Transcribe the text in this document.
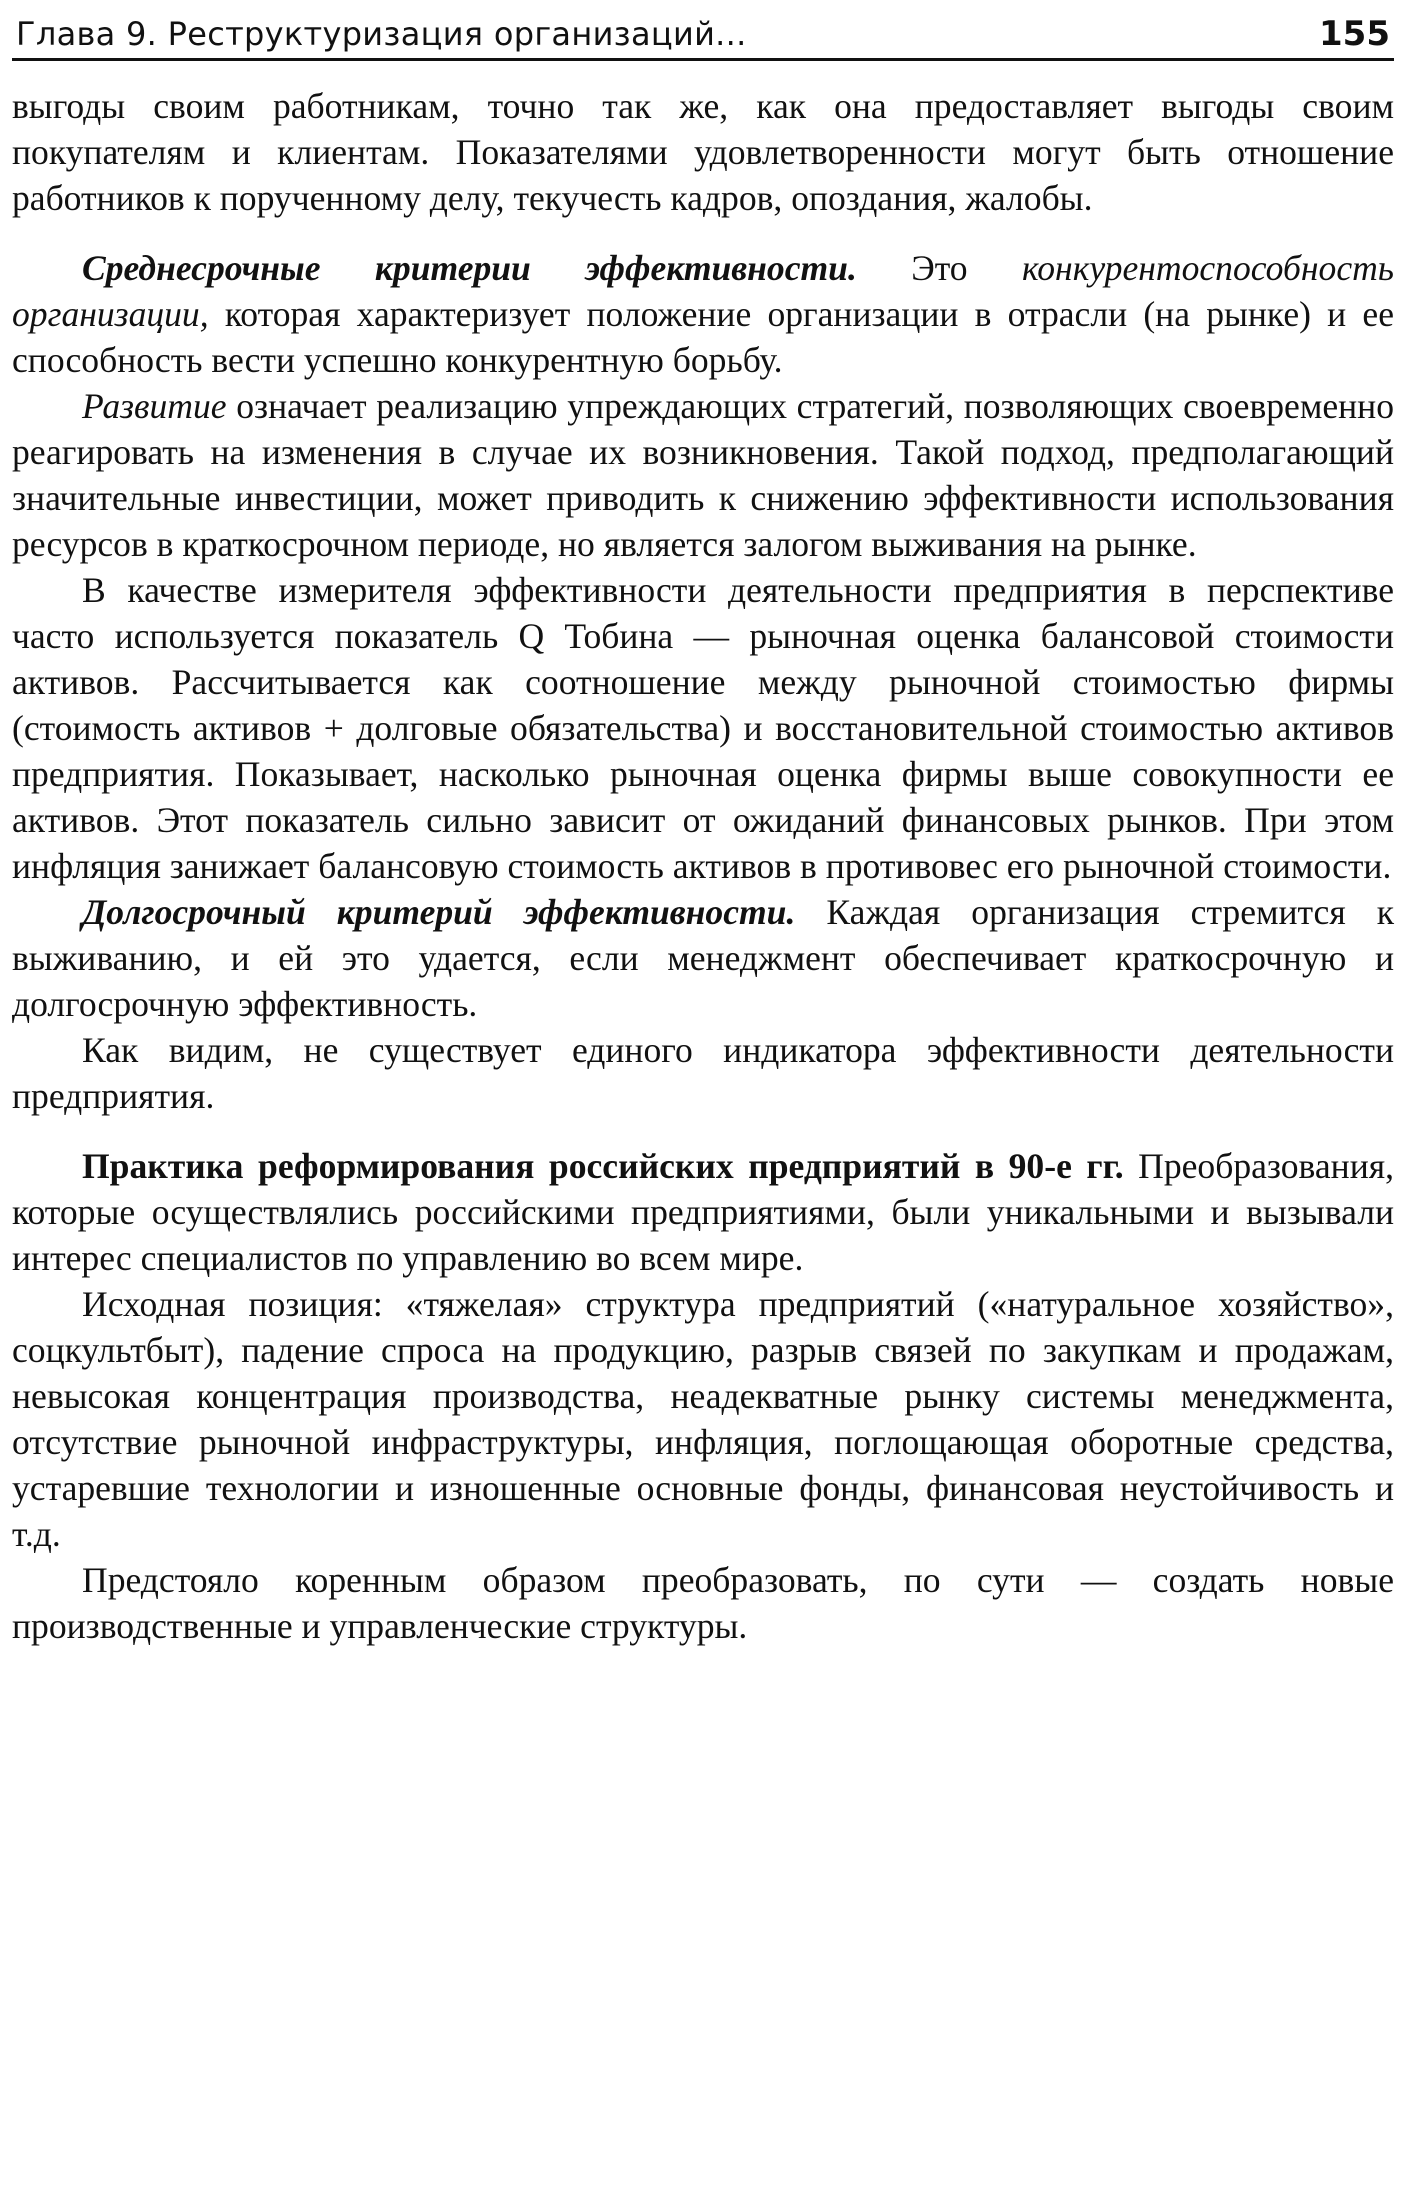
Глава 9. Реструктуризация организаций...	155

выгоды своим работникам, точно так же, как она предоставляет выгоды своим покупателям и клиентам. Показателями удовлетворенности могут быть отношение работников к порученному делу, текучесть кадров, опоздания, жалобы.

Среднесрочные критерии эффективности. Это конкурентоспособность организации, которая характеризует положение организации в отрасли (на рынке) и ее способность вести успешно конкурентную борьбу.

Развитие означает реализацию упреждающих стратегий, позволяющих своевременно реагировать на изменения в случае их возникновения. Такой подход, предполагающий значительные инвестиции, может приводить к снижению эффективности использования ресурсов в краткосрочном периоде, но является залогом выживания на рынке.

В качестве измерителя эффективности деятельности предприятия в перспективе часто используется показатель Q Тобина — рыночная оценка балансовой стоимости активов. Рассчитывается как соотношение между рыночной стоимостью фирмы (стоимость активов + долговые обязательства) и восстановительной стоимостью активов предприятия. Показывает, насколько рыночная оценка фирмы выше совокупности ее активов. Этот показатель сильно зависит от ожиданий финансовых рынков. При этом инфляция занижает балансовую стоимость активов в противовес его рыночной стоимости.

Долгосрочный критерий эффективности. Каждая организация стремится к выживанию, и ей это удается, если менеджмент обеспечивает краткосрочную и долгосрочную эффективность.

Как видим, не существует единого индикатора эффективности деятельности предприятия.

Практика реформирования российских предприятий в 90-е гг. Преобразования, которые осуществлялись российскими предприятиями, были уникальными и вызывали интерес специалистов по управлению во всем мире.

Исходная позиция: «тяжелая» структура предприятий («натуральное хозяйство», соцкультбыт), падение спроса на продукцию, разрыв связей по закупкам и продажам, невысокая концентрация производства, неадекватные рынку системы менеджмента, отсутствие рыночной инфраструктуры, инфляция, поглощающая оборотные средства, устаревшие технологии и изношенные основные фонды, финансовая неустойчивость и т.д.

Предстояло коренным образом преобразовать, по сути — создать новые производственные и управленческие структуры.
